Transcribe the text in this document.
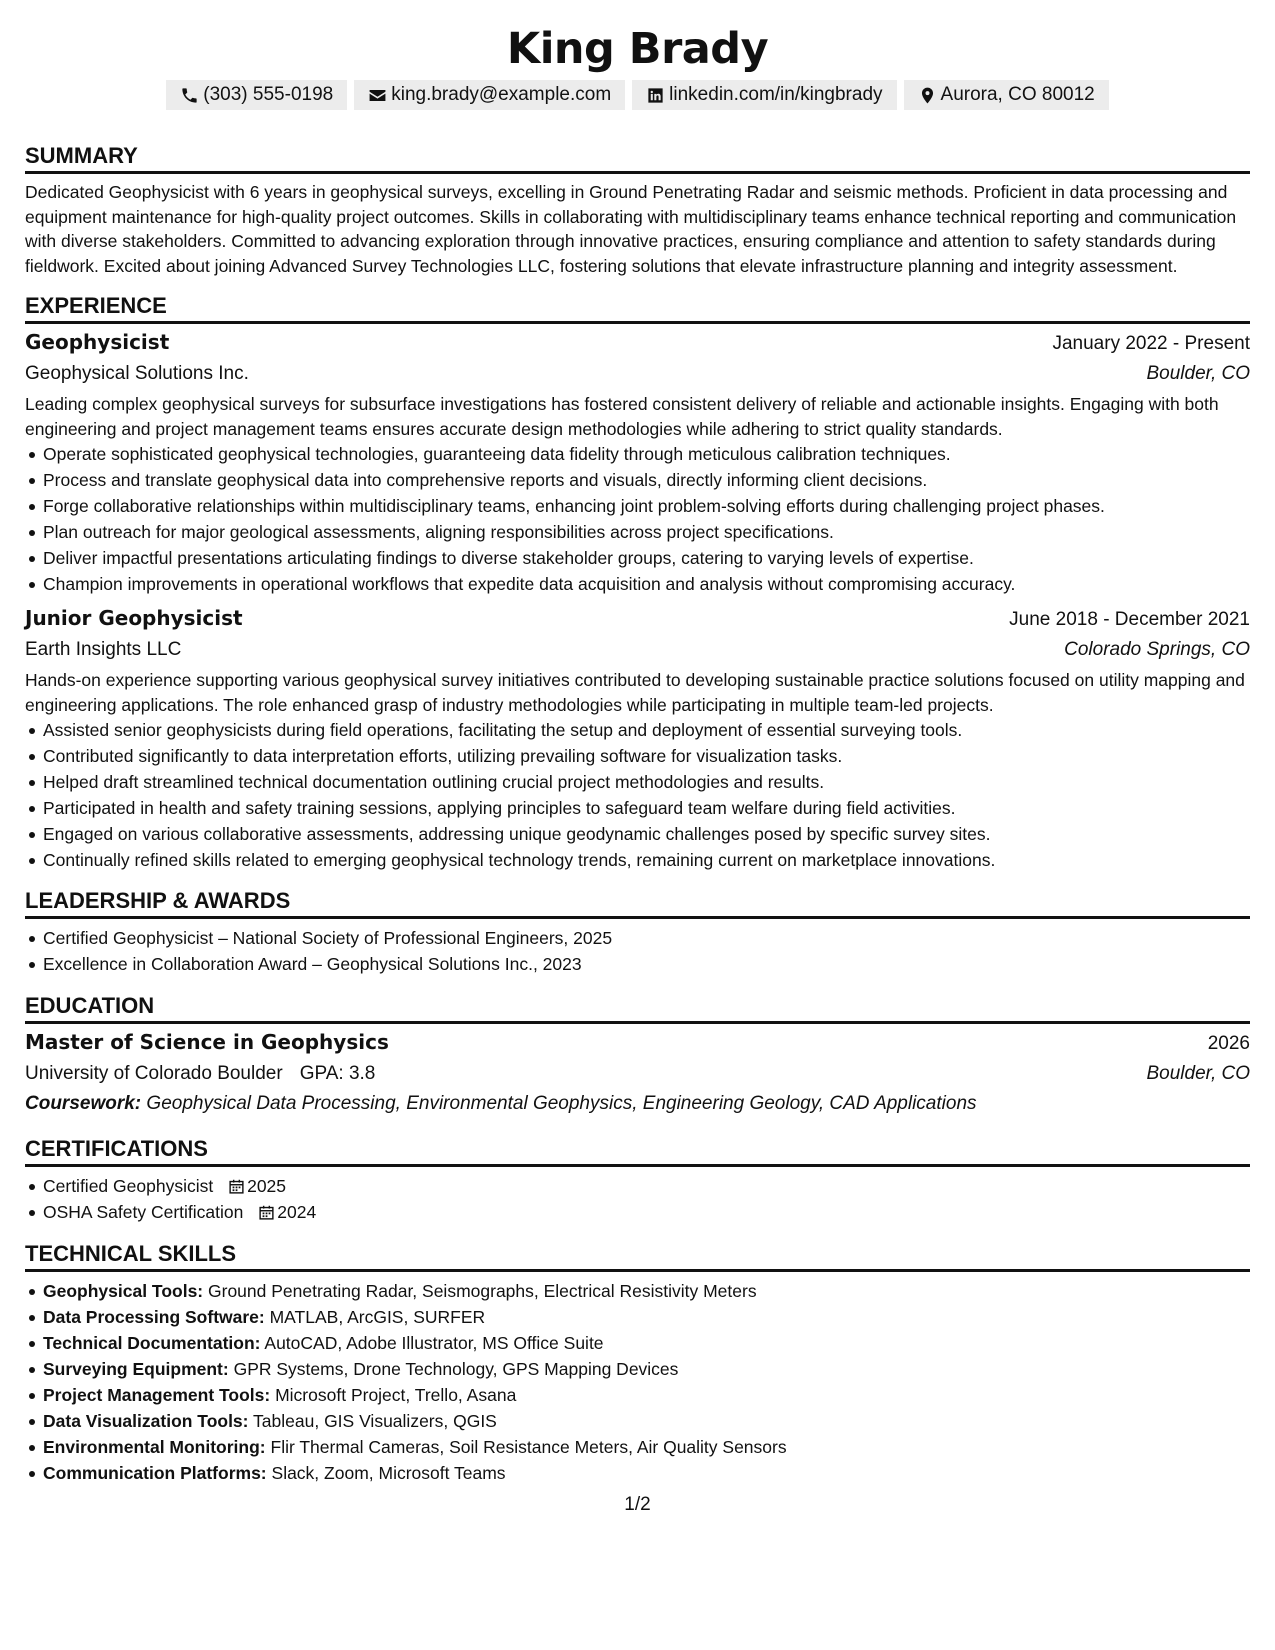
King Brady
(303) 555-0198	king.brady@example.com	linkedin.com/in/kingbrady	Aurora, CO 80012
SUMMARY

Dedicated Geophysicist with 6 years in geophysical surveys, excelling in Ground Penetrating Radar and seismic methods. Proficient in data processing and equipment maintenance for high-quality project outcomes. Skills in collaborating with multidisciplinary teams enhance technical reporting and communication with diverse stakeholders. Committed to advancing exploration through innovative practices, ensuring compliance and attention to safety standards during fieldwork. Excited about joining Advanced Survey Technologies LLC, fostering solutions that elevate infrastructure planning and integrity assessment.

EXPERIENCE
Geophysicist	January 2022 - Present
Geophysical Solutions Inc.	Boulder, CO

Leading complex geophysical surveys for subsurface investigations has fostered consistent delivery of reliable and actionable insights. Engaging with both engineering and project management teams ensures accurate design methodologies while adhering to strict quality standards.

Operate sophisticated geophysical technologies, guaranteeing data fidelity through meticulous calibration techniques.
Process and translate geophysical data into comprehensive reports and visuals, directly informing client decisions.
Forge collaborative relationships within multidisciplinary teams, enhancing joint problem-solving efforts during challenging project phases.
Plan outreach for major geological assessments, aligning responsibilities across project specifications.
Deliver impactful presentations articulating findings to diverse stakeholder groups, catering to varying levels of expertise.
Champion improvements in operational workflows that expedite data acquisition and analysis without compromising accuracy.
Junior Geophysicist	June 2018 - December 2021
Earth Insights LLC	Colorado Springs, CO

Hands-on experience supporting various geophysical survey initiatives contributed to developing sustainable practice solutions focused on utility mapping and engineering applications. The role enhanced grasp of industry methodologies while participating in multiple team-led projects.

Assisted senior geophysicists during field operations, facilitating the setup and deployment of essential surveying tools.
Contributed significantly to data interpretation efforts, utilizing prevailing software for visualization tasks.
Helped draft streamlined technical documentation outlining crucial project methodologies and results.
Participated in health and safety training sessions, applying principles to safeguard team welfare during field activities.
Engaged on various collaborative assessments, addressing unique geodynamic challenges posed by specific survey sites.
Continually refined skills related to emerging geophysical technology trends, remaining current on marketplace innovations.
LEADERSHIP & AWARDS
Certified Geophysicist – National Society of Professional Engineers, 2025
Excellence in Collaboration Award – Geophysical Solutions Inc., 2023
EDUCATION
Master of Science in Geophysics	2026
University of Colorado Boulder GPA: 3.8	Boulder, CO
Coursework: Geophysical Data Processing, Environmental Geophysics, Engineering Geology, CAD Applications
CERTIFICATIONS
Certified Geophysicist 2025
OSHA Safety Certification 2024
TECHNICAL SKILLS
Geophysical Tools: Ground Penetrating Radar, Seismographs, Electrical Resistivity Meters
Data Processing Software: MATLAB, ArcGIS, SURFER
Technical Documentation: AutoCAD, Adobe Illustrator, MS Office Suite
Surveying Equipment: GPR Systems, Drone Technology, GPS Mapping Devices
Project Management Tools: Microsoft Project, Trello, Asana
Data Visualization Tools: Tableau, GIS Visualizers, QGIS
Environmental Monitoring: Flir Thermal Cameras, Soil Resistance Meters, Air Quality Sensors
Communication Platforms: Slack, Zoom, Microsoft Teams
1/2
